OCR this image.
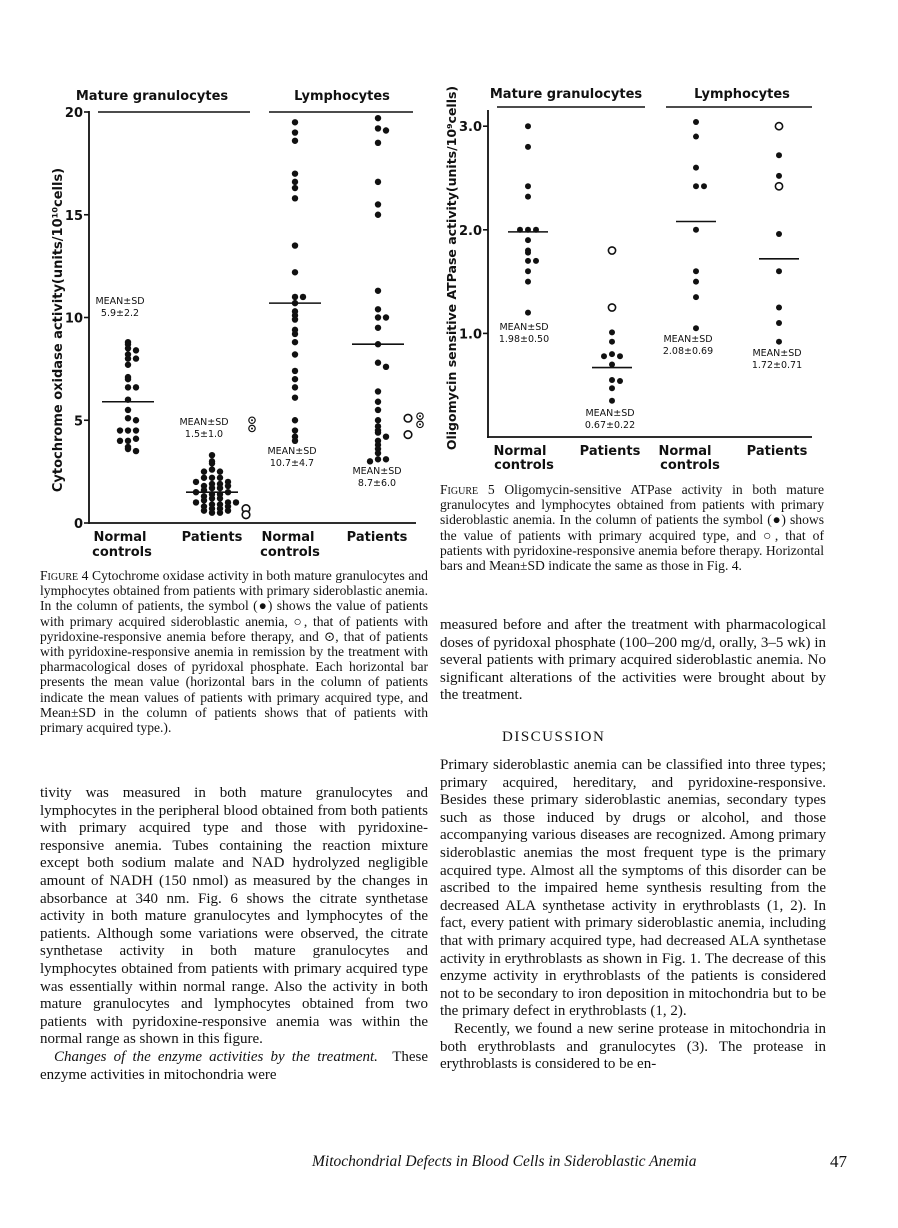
Mature granulocytes	Lymphocytes
Cytochrome oxidase activity(units/10¹⁰cells)
0
5
10
15
20
MEAN±SD
5.9±2.2
MEAN±SD
1.5±1.0
MEAN±SD
10.7±4.7
MEAN±SD
8.7±6.0
Normal	Patients Normal Patients
controls	controls
Figure 4 Cytochrome oxidase activity in both mature granulocytes and lymphocytes obtained from patients with primary sideroblastic anemia. In the column of patients, the symbol (●) shows the value of patients with primary acquired sideroblastic anemia, ○, that of patients with pyridoxine-responsive anemia before therapy, and ⊙, that of patients with pyridoxine-responsive anemia in remission by the treatment with pharmacological doses of pyridoxal phosphate. Each horizontal bar presents the mean value (horizontal bars in the column of patients indicate the mean values of patients with primary acquired type, and Mean±SD in the column of patients shows that of patients with primary acquired type.).
Mature granulocytes	Lymphocytes
Oligomycin sensitive ATPase activity(units/10⁹cells) 1.0
2.0
3.0
MEAN±SD
1.98±0.50
MEAN±SD
0.67±0.22
MEAN±SD
2.08±0.69	MEAN±SD
1.72±0.71
Normal	Patients Normal	Patients
controls	controls
Figure 5 Oligomycin-sensitive ATPase activity in both mature granulocytes and lymphocytes obtained from patients with primary sideroblastic anemia. In the column of patients the symbol (●) shows the value of patients with primary acquired type, and ○, that of patients with pyridoxine-responsive anemia before therapy. Horizontal bars and Mean±SD indicate the same as those in Fig. 4.

tivity was measured in both mature granulocytes and lymphocytes in the peripheral blood obtained from both patients with primary acquired type and those with pyridoxine-responsive anemia. Tubes containing the reaction mixture except both sodium malate and NAD hydrolyzed negligible amount of NADH (150 nmol) as measured by the changes in absorbance at 340 nm. Fig. 6 shows the citrate synthetase activity in both mature granulocytes and lymphocytes of the patients. Although some variations were observed, the citrate synthetase activity in both mature granulocytes and lymphocytes obtained from patients with primary acquired type was essentially within normal range. Also the activity in both mature granulocytes and lymphocytes obtained from two patients with pyridoxine-responsive anemia was within the normal range as shown in this figure.

Changes of the enzyme activities by the treatment. These enzyme activities in mitochondria were

measured before and after the treatment with pharmacological doses of pyridoxal phosphate (100–200 mg/d, orally, 3–5 wk) in several patients with primary acquired sideroblastic anemia. No significant alterations of the activities were brought about by the treatment.

DISCUSSION

Primary sideroblastic anemia can be classified into three types; primary acquired, hereditary, and pyridoxine-responsive. Besides these primary sideroblastic anemias, secondary types such as those induced by drugs or alcohol, and those accompanying various diseases are recognized. Among primary sideroblastic anemias the most frequent type is the primary acquired type. Almost all the symptoms of this disorder can be ascribed to the impaired heme synthesis resulting from the decreased ALA synthetase activity in erythroblasts (1, 2). In fact, every patient with primary sideroblastic anemia, including that with primary acquired type, had decreased ALA synthetase activity in erythroblasts as shown in Fig. 1. The decrease of this enzyme activity in erythroblasts of the patients is considered not to be secondary to iron deposition in mitochondria but to be the primary defect in erythroblasts (1, 2).

Recently, we found a new serine protease in mitochondria in both erythroblasts and granulocytes (3). The protease in erythroblasts is considered to be en-

Mitochondrial Defects in Blood Cells in Sideroblastic Anemia	47
